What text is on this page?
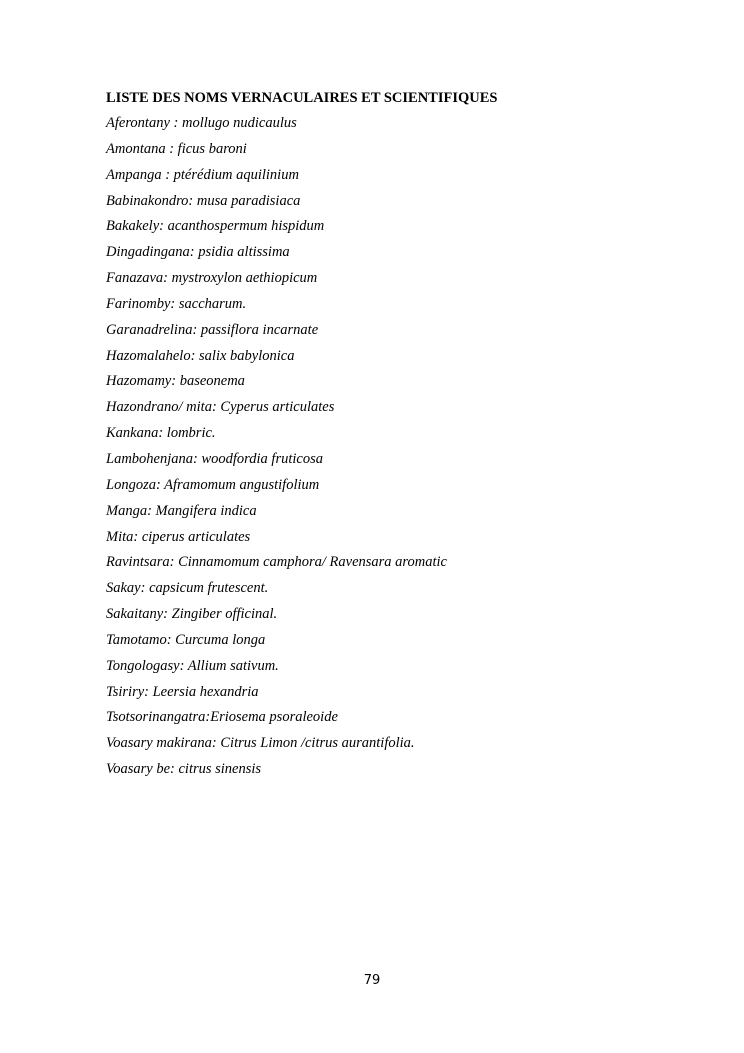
LISTE DES NOMS VERNACULAIRES ET SCIENTIFIQUES
Aferontany : mollugo nudicaulus
Amontana : ficus baroni
Ampanga : ptérédium aquilinium
Babinakondro: musa paradisiaca
Bakakely: acanthospermum hispidum
Dingadingana: psidia altissima
Fanazava: mystroxylon aethiopicum
Farinomby: saccharum.
Garanadrelina: passiflora incarnate
Hazomalahelo: salix babylonica
Hazomamy: baseonema
Hazondrano/ mita: Cyperus articulates
Kankana: lombric.
Lambohenjana: woodfordia fruticosa
Longoza: Aframomum angustifolium
Manga: Mangifera indica
Mita: ciperus articulates
Ravintsara: Cinnamomum camphora/ Ravensara aromatic
Sakay: capsicum frutescent.
Sakaitany: Zingiber officinal.
Tamotamo: Curcuma longa
Tongologasy: Allium sativum.
Tsiriry: Leersia hexandria
Tsotsorinangatra:Eriosema psoraleoide
Voasary makirana: Citrus Limon /citrus aurantifolia.
Voasary be: citrus sinensis
79
